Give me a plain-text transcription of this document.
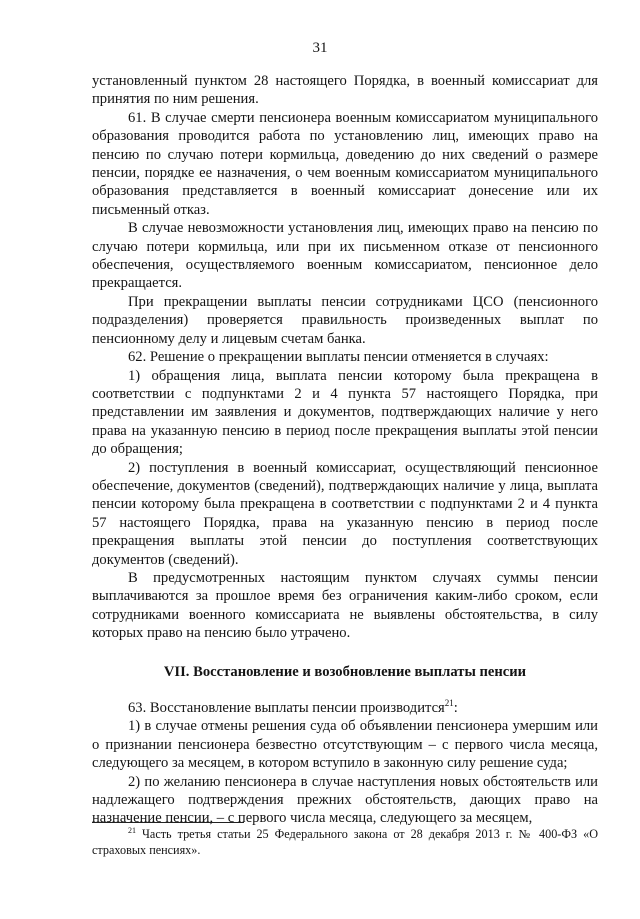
31

установленный пунктом 28 настоящего Порядка, в военный комиссариат для принятия по ним решения.

61. В случае смерти пенсионера военным комиссариатом муниципального образования проводится работа по установлению лиц, имеющих право на пенсию по случаю потери кормильца, доведению до них сведений о размере пенсии, порядке ее назначения, о чем военным комиссариатом муниципального образования представляется в военный комиссариат донесение или их письменный отказ.

В случае невозможности установления лиц, имеющих право на пенсию по случаю потери кормильца, или при их письменном отказе от пенсионного обеспечения, осуществляемого военным комиссариатом, пенсионное дело прекращается.

При прекращении выплаты пенсии сотрудниками ЦСО (пенсионного подразделения) проверяется правильность произведенных выплат по пенсионному делу и лицевым счетам банка.

62. Решение о прекращении выплаты пенсии отменяется в случаях:

1) обращения лица, выплата пенсии которому была прекращена в соответствии с подпунктами 2 и 4 пункта 57 настоящего Порядка, при представлении им заявления и документов, подтверждающих наличие у него права на указанную пенсию в период после прекращения выплаты этой пенсии до обращения;

2) поступления в военный комиссариат, осуществляющий пенсионное обеспечение, документов (сведений), подтверждающих наличие у лица, выплата пенсии которому была прекращена в соответствии с подпунктами 2 и 4 пункта 57 настоящего Порядка, права на указанную пенсию в период после прекращения выплаты этой пенсии до поступления соответствующих документов (сведений).

В предусмотренных настоящим пунктом случаях суммы пенсии выплачиваются за прошлое время без ограничения каким-либо сроком, если сотрудниками военного комиссариата не выявлены обстоятельства, в силу которых право на пенсию было утрачено.

VII. Восстановление и возобновление выплаты пенсии

63. Восстановление выплаты пенсии производится$^{21}$:

1) в случае отмены решения суда об объявлении пенсионера умершим или о признании пенсионера безвестно отсутствующим – с первого числа месяца, следующего за месяцем, в котором вступило в законную силу решение суда;

2) по желанию пенсионера в случае наступления новых обстоятельств или надлежащего подтверждения прежних обстоятельств, дающих право на назначение пенсии, – с первого числа месяца, следующего за месяцем,

$^{21}$ Часть третья статьи 25 Федерального закона от 28 декабря 2013 г. № 400-ФЗ «О страховых пенсиях».
